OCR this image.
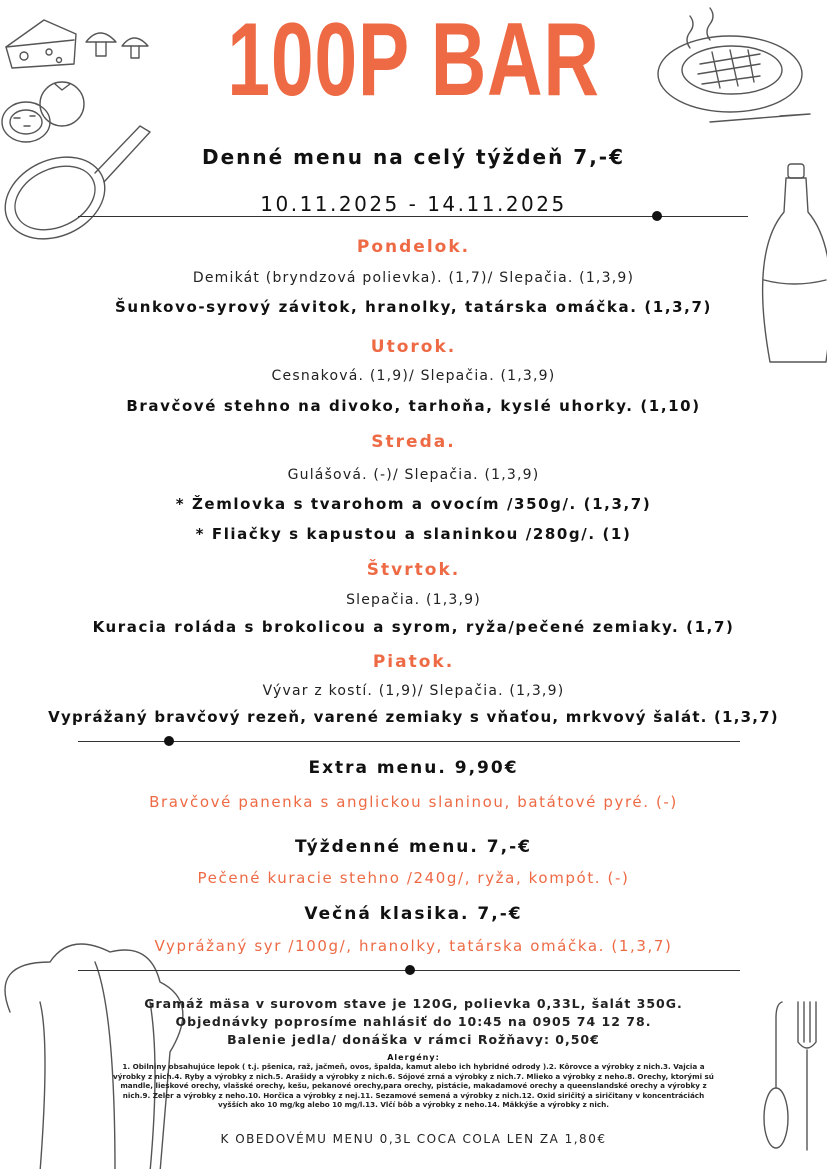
100P BAR
Denné menu na celý týždeň 7,-€
10.11.2025 - 14.11.2025
Pondelok.
Demikát (bryndzová polievka). (1,7)/ Slepačia. (1,3,9)
Šunkovo-syrový závitok, hranolky, tatárska omáčka. (1,3,7)
Utorok.
Cesnaková. (1,9)/ Slepačia. (1,3,9)
Bravčové stehno na divoko, tarhoňa, kyslé uhorky. (1,10)
Streda.
Gulášová. (-)/ Slepačia. (1,3,9)
* Žemlovka s tvarohom a ovocím /350g/. (1,3,7)
* Fliačky s kapustou a slaninkou /280g/. (1)
Štvrtok.
Slepačia. (1,3,9)
Kuracia roláda s brokolicou a syrom, ryža/pečené zemiaky. (1,7)
Piatok.
Vývar z kostí. (1,9)/ Slepačia. (1,3,9)
Vyprážaný bravčový rezeň, varené zemiaky s vňaťou, mrkvový šalát. (1,3,7)
Extra menu. 9,90€
Bravčové panenka s anglickou slaninou, batátové pyré. (-)
Týždenné menu. 7,-€
Pečené kuracie stehno /240g/, ryža, kompót. (-)
Večná klasika. 7,-€
Vyprážaný syr /100g/, hranolky, tatárska omáčka. (1,3,7)
Gramáž mäsa v surovom stave je 120G, polievka 0,33L, šalát 350G.
Objednávky poprosíme nahlásiť do 10:45 na 0905 74 12 78.
Balenie jedla/ donáška v rámci Rožňavy: 0,50€
Alergény:
1. Obilniny obsahujúce lepok ( t.j. pšenica, raž, jačmeň, ovos, špalda, kamut alebo ich hybridné odrody ).2. Kôrovce a výrobky z nich.3. Vajcia a výrobky z nich.4. Ryby a výrobky z nich.5. Arašidy a výrobky z nich.6. Sójové zrná a výrobky z nich.7. Mlieko a výrobky z neho.8. Orechy, ktorými sú mandle, lieskové orechy, vlašské orechy, kešu, pekanové orechy,para orechy, pistácie, makadamové orechy a queenslandské orechy a výrobky z nich.9. Zeler a výrobky z neho.10. Horčica a výrobky z nej.11. Sezamové semená a výrobky z nich.12. Oxid siričitý a siričitany v koncentráciách vyšších ako 10 mg/kg alebo 10 mg/l.13. Vlčí bôb a výrobky z neho.14. Mäkkýše a výrobky z nich.
K OBEDOVÉMU MENU 0,3L COCA COLA LEN ZA 1,80€
